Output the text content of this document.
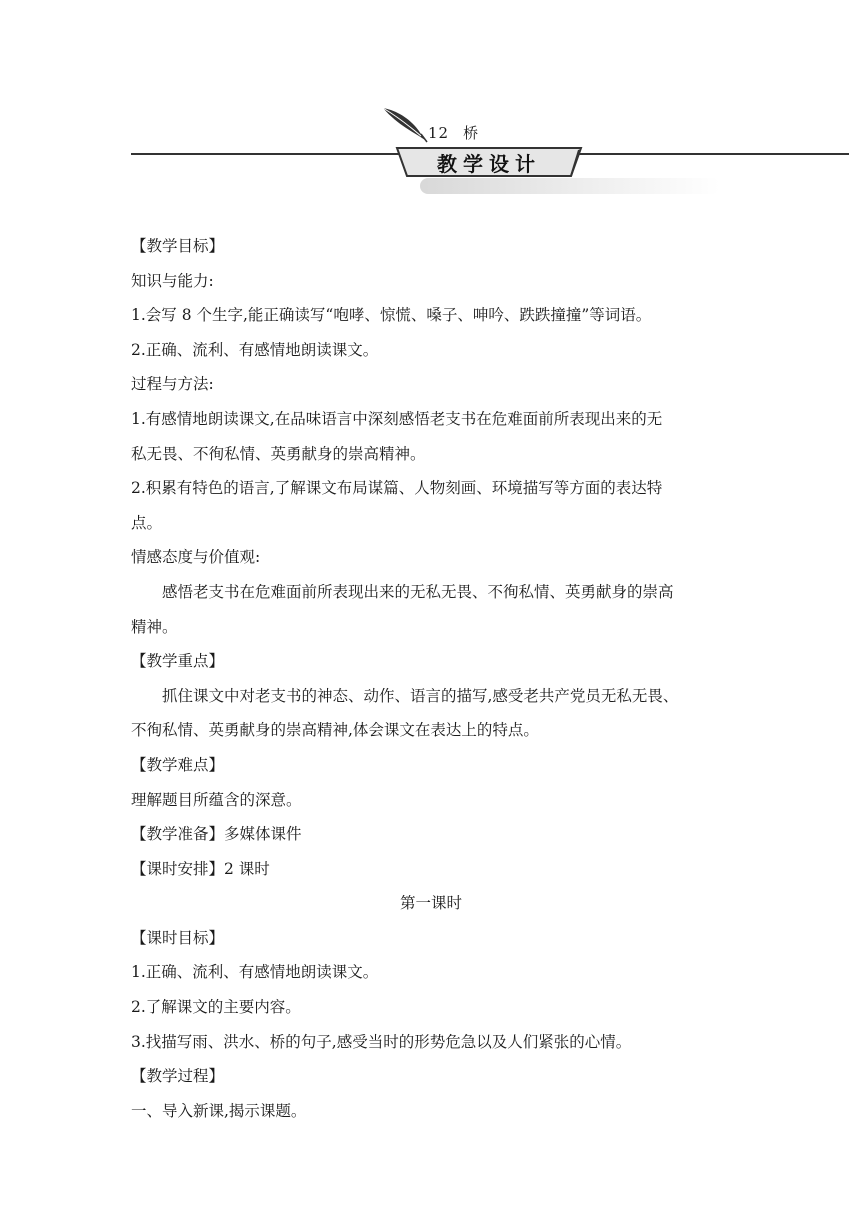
12 桥
教学设计
【教学目标】
知识与能力:
1.会写 8 个生字,能正确读写“咆哮、惊慌、嗓子、呻吟、跌跌撞撞”等词语。
2.正确、流利、有感情地朗读课文。
过程与方法:
1.有感情地朗读课文,在品味语言中深刻感悟老支书在危难面前所表现出来的无
私无畏、不徇私情、英勇献身的崇高精神。
2.积累有特色的语言,了解课文布局谋篇、人物刻画、环境描写等方面的表达特
点。
情感态度与价值观:
感悟老支书在危难面前所表现出来的无私无畏、不徇私情、英勇献身的崇高
精神。
【教学重点】
抓住课文中对老支书的神态、动作、语言的描写,感受老共产党员无私无畏、
不徇私情、英勇献身的崇高精神,体会课文在表达上的特点。
【教学难点】
理解题目所蕴含的深意。
【教学准备】多媒体课件
【课时安排】2 课时
第一课时
【课时目标】
1.正确、流利、有感情地朗读课文。
2.了解课文的主要内容。
3.找描写雨、洪水、桥的句子,感受当时的形势危急以及人们紧张的心情。
【教学过程】
一、导入新课,揭示课题。
